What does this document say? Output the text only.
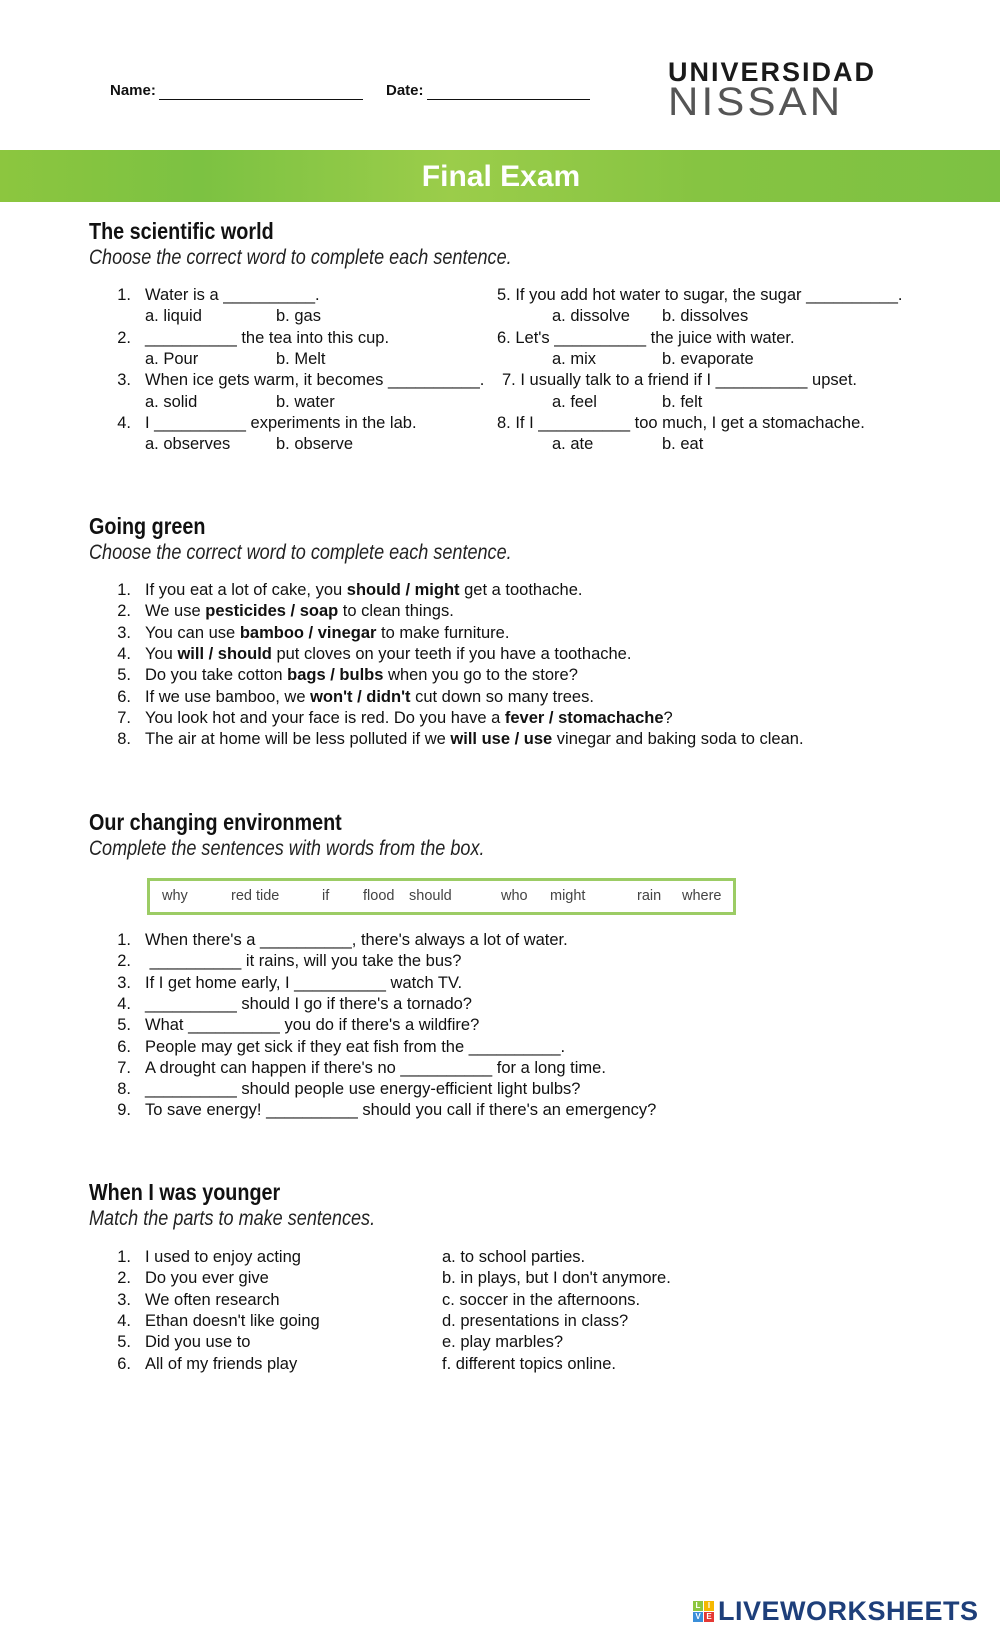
Name:	Date:
UNIVERSIDAD
NISSAN
Final Exam
The scientific world
Choose the correct word to complete each sentence.
1. Water is a __________.
a. liquid	b. gas
2. __________ the tea into this cup.
a. Pour	b. Melt
3. When ice gets warm, it becomes __________.
a. solid	b. water
4. I __________ experiments in the lab.
a. observes	b. observe
5. If you add hot water to sugar, the sugar __________.
a. dissolve b. dissolves
6. Let's __________ the juice with water.
a. mix	b. evaporate
7. I usually talk to a friend if I __________ upset.
a. feel	b. felt
8. If I __________ too much, I get a stomachache.
a. ate	b. eat
Going green
Choose the correct word to complete each sentence.
1. If you eat a lot of cake, you should / might get a toothache.
2. We use pesticides / soap to clean things.
3. You can use bamboo / vinegar to make furniture.
4. You will / should put cloves on your teeth if you have a toothache.
5. Do you take cotton bags / bulbs when you go to the store?
6. If we use bamboo, we won't / didn't cut down so many trees.
7. You look hot and your face is red. Do you have a fever / stomachache?
8. The air at home will be less polluted if we will use / use vinegar and baking soda to clean.
Our changing environment
Complete the sentences with words from the box.
why	red tide	if flood should	who might	rain where
1. When there's a __________, there's always a lot of water.
2. __________ it rains, will you take the bus?
3. If I get home early, I __________ watch TV.
4. __________ should I go if there's a tornado?
5. What __________ you do if there's a wildfire?
6. People may get sick if they eat fish from the __________.
7. A drought can happen if there's no __________ for a long time.
8. __________ should people use energy-efficient light bulbs?
9. To save energy! __________ should you call if there's an emergency?
When I was younger
Match the parts to make sentences.
1. I used to enjoy acting	a. to school parties.
2. Do you ever give	b. in plays, but I don't anymore.
3. We often research	c. soccer in the afternoons.
4. Ethan doesn't like going	d. presentations in class?
5. Did you use to	e. play marbles?
6. All of my friends play	f. different topics online.
L I
V E LIVEWORKSHEETS
